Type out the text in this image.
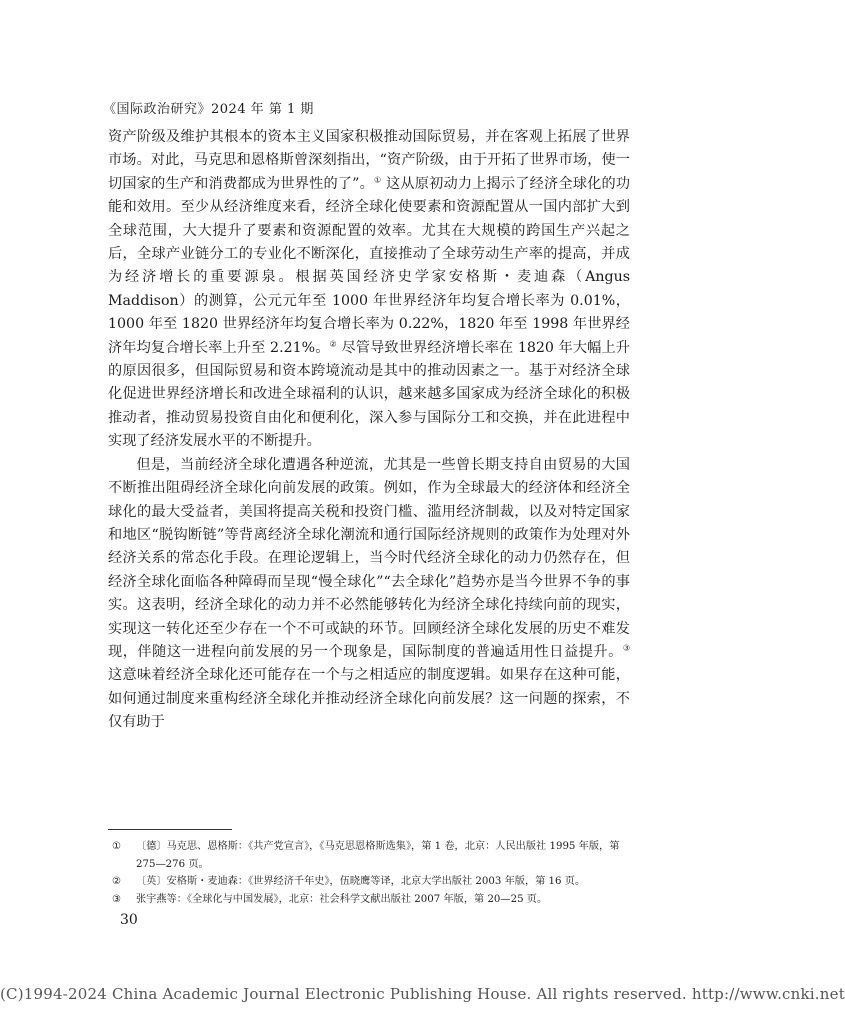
《国际政治研究》2024 年 第 1 期

资产阶级及维护其根本的资本主义国家积极推动国际贸易，并在客观上拓展了世界市场。对此，马克思和恩格斯曾深刻指出，“资产阶级，由于开拓了世界市场，使一切国家的生产和消费都成为世界性的了”。① 这从原初动力上揭示了经济全球化的功能和效用。至少从经济维度来看，经济全球化使要素和资源配置从一国内部扩大到全球范围，大大提升了要素和资源配置的效率。尤其在大规模的跨国生产兴起之后，全球产业链分工的专业化不断深化，直接推动了全球劳动生产率的提高，并成为经济增长的重要源泉。根据英国经济史学家安格斯・麦迪森（Angus Maddison）的测算，公元元年至 1000 年世界经济年均复合增长率为 0.01%，1000 年至 1820 世界经济年均复合增长率为 0.22%，1820 年至 1998 年世界经济年均复合增长率上升至 2.21%。② 尽管导致世界经济增长率在 1820 年大幅上升的原因很多，但国际贸易和资本跨境流动是其中的推动因素之一。基于对经济全球化促进世界经济增长和改进全球福利的认识，越来越多国家成为经济全球化的积极推动者，推动贸易投资自由化和便利化，深入参与国际分工和交换，并在此进程中实现了经济发展水平的不断提升。

但是，当前经济全球化遭遇各种逆流，尤其是一些曾长期支持自由贸易的大国不断推出阻碍经济全球化向前发展的政策。例如，作为全球最大的经济体和经济全球化的最大受益者，美国将提高关税和投资门槛、滥用经济制裁，以及对特定国家和地区“脱钩断链”等背离经济全球化潮流和通行国际经济规则的政策作为处理对外经济关系的常态化手段。在理论逻辑上，当今时代经济全球化的动力仍然存在，但经济全球化面临各种障碍而呈现“慢全球化”“去全球化”趋势亦是当今世界不争的事实。这表明，经济全球化的动力并不必然能够转化为经济全球化持续向前的现实，实现这一转化还至少存在一个不可或缺的环节。回顾经济全球化发展的历史不难发现，伴随这一进程向前发展的另一个现象是，国际制度的普遍适用性日益提升。③ 这意味着经济全球化还可能存在一个与之相适应的制度逻辑。如果存在这种可能，如何通过制度来重构经济全球化并推动经济全球化向前发展？这一问题的探索，不仅有助于

①	〔德〕马克思、恩格斯：《共产党宣言》，《马克思恩格斯选集》，第 1 卷，北京：人民出版社 1995 年版，第 275—276 页。
②	〔英〕安格斯・麦迪森：《世界经济千年史》，伍晓鹰等译，北京大学出版社 2003 年版，第 16 页。
③	张宇燕等：《全球化与中国发展》，北京：社会科学文献出版社 2007 年版，第 20—25 页。
30
(C)1994-2024 China Academic Journal Electronic Publishing House. All rights reserved. http://www.cnki.net
